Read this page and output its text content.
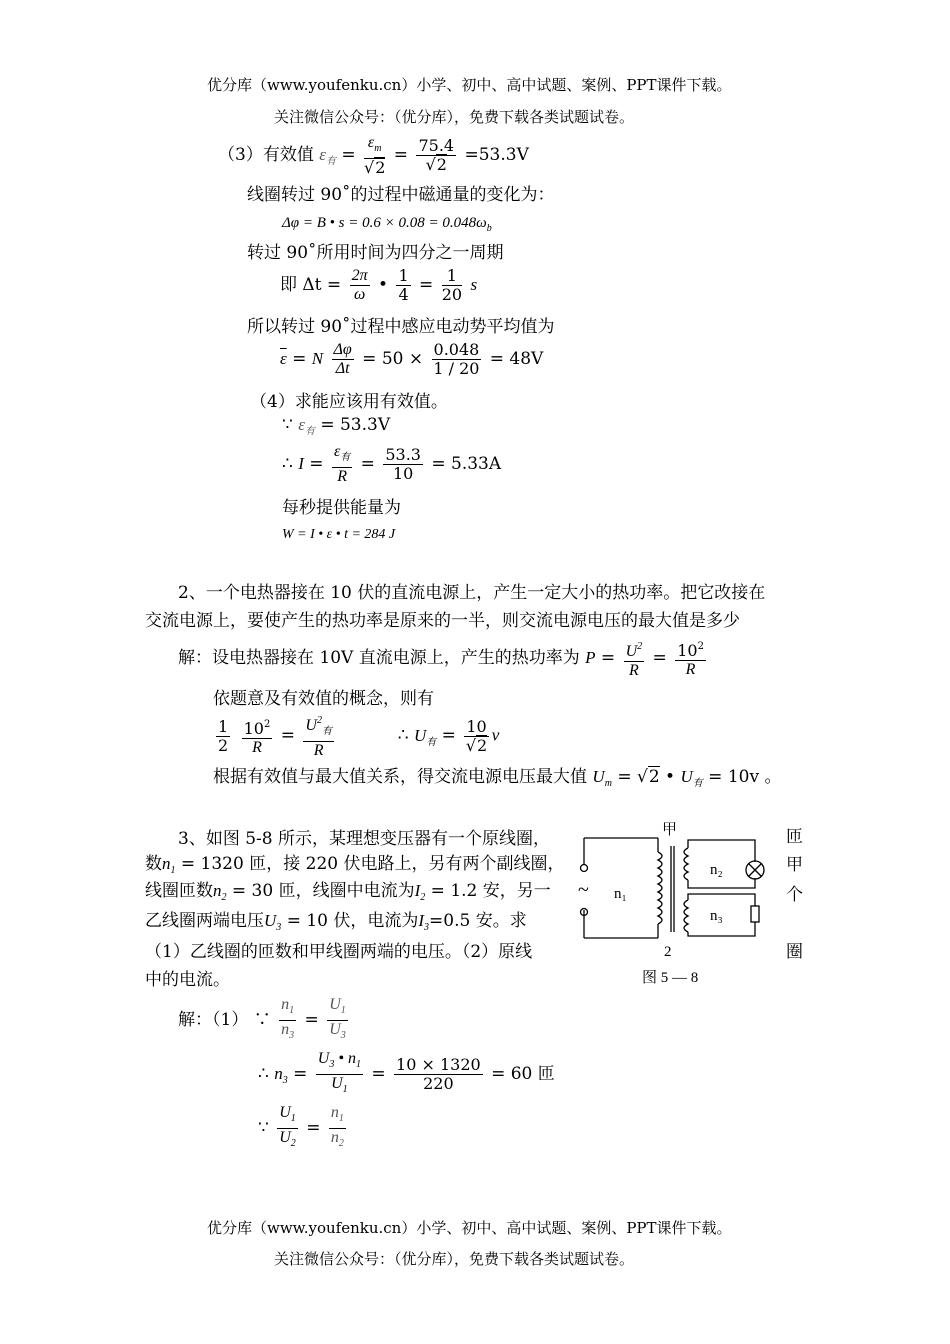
优分库（www.youfenku.cn）小学、初中、高中试题、案例、PPT课件下载。
关注微信公众号：（优分库），免费下载各类试题试卷。
（3）有效值 $\varepsilon_有 = \frac{\varepsilon_m}{√2} = \frac{75.4}{√2} =53.3V$
线圈转过 90˚的过程中磁通量的变化为：
Δφ = B • $s = 0.6 \times 0.08 = 0.048\omega_b$
转过 90˚所用时间为四分之一周期
即 $\Delta t = \frac{2\pi}{\omega}$ • $\frac{1}{4} = \frac{1}{20}$ s
所以转过 90˚过程中感应电动势平均值为
$\overline{\varepsilon} = N \frac{\Delta\varphi}{\Delta t} = 50 \times \frac{0.048}{1 / 20} = 48V$
（4）求能应该用有效值。
∵ $\varepsilon_有 = 53.3V$
∴ $I = \frac{\varepsilon_有}{R} = \frac{53.3}{10} = 5.33A$
每秒提供能量为
W = I • ε • t = 284 J
2、一个电热器接在 10 伏的直流电源上，产生一定大小的热功率。把它改接在
交流电源上，要使产生的热功率是原来的一半，则交流电源电压的最大值是多少
解：设电热器接在 10V 直流电源上，产生的热功率为 $P = \frac{U^2}{R} = \frac{10^2}{R}$
依题意及有效值的概念，则有
$\frac{1}{2}$
$\frac{10^2}{R} = \frac{U^2_有}{R}$	∴ $U_有 = \frac{10}{√2}$ v
根据有效值与最大值关系，得交流电源电压最大值 $U_m = √2$ • $U_有 = 10v$ 。
3、如图 5-8 所示，某理想变压器有一个原线圈，
数$n_1 = 1320$ 匝，接 220 伏电路上，另有两个副线圈，
线圈匝数$n_2 = 30$ 匝，线圈中电流为$I_2 = 1.2$ 安，另一
乙线圈两端电压$U_3 = 10$ 伏，电流为$I_3=0.5$ 安。求
（1）乙线圈的匝数和甲线圈两端的电压。（2）原线
中的电流。
匝
甲
个
圈
甲
~ n₁
n₂
n₃
2
图 5 — 8
解：（1） ∵ $\frac{n_1}{n_3} = \frac{U_1}{U_3}$
∴ $n_3 = \frac{U_3 • n_1}{U_1} = \frac{10 \times 1320}{220} = 60$ 匝
∵ $\frac{U_1}{U_2} = \frac{n_1}{n_2}$
优分库（www.youfenku.cn）小学、初中、高中试题、案例、PPT课件下载。
关注微信公众号：（优分库），免费下载各类试题试卷。
